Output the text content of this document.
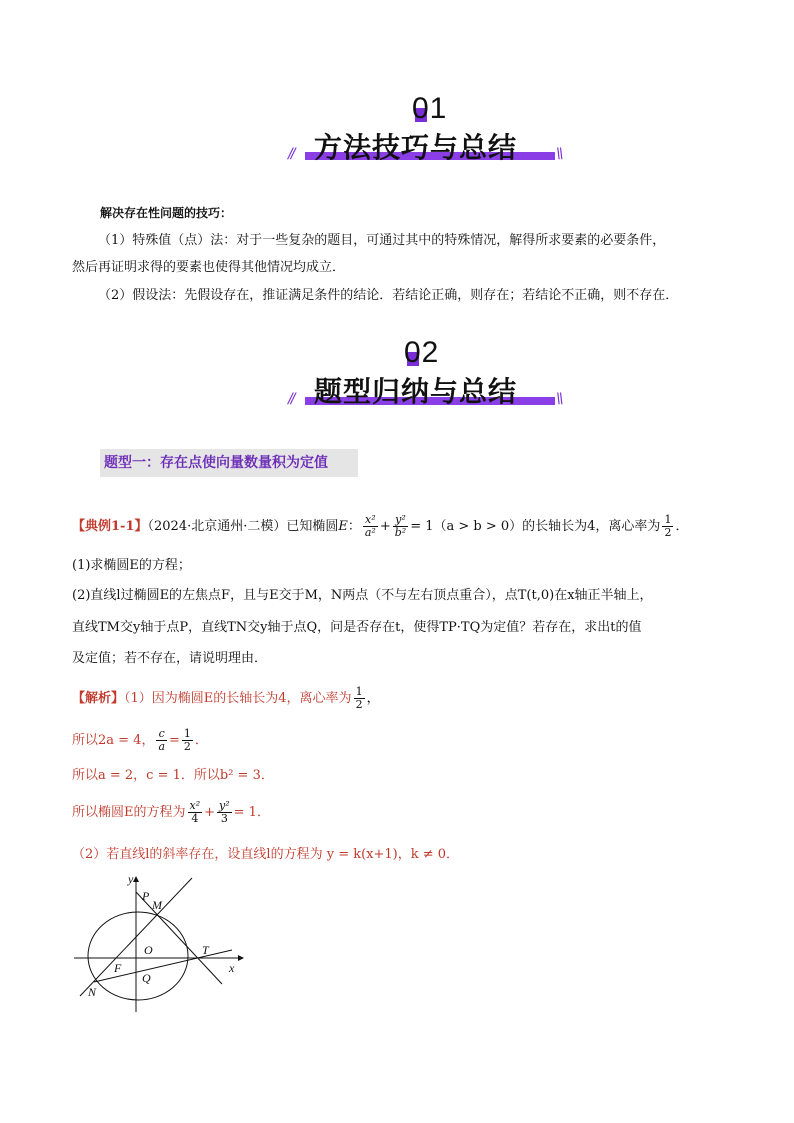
01
// 方法技巧与总结	\\
解决存在性问题的技巧：
（1）特殊值（点）法：对于一些复杂的题目，可通过其中的特殊情况，解得所求要素的必要条件，
然后再证明求得的要素也使得其他情况均成立．
（2）假设法：先假设存在，推证满足条件的结论．若结论正确，则存在；若结论不正确，则不存在．
02
// 题型归纳与总结	\\
题型一：存在点使向量数量积为定值
【典例1-1】（2024·北京通州·二模）已知椭圆E： $\frac{\text{x²}}{\text{a²}} + \frac{\text{y²}}{\text{b²}} = 1(a > b > 0)$的长轴长为4，离心率为 $\frac{1}{2}$ ．
(1)求椭圆E的方程；
(2)直线l过椭圆E的左焦点F，且与E交于M，N两点（不与左右顶点重合），点T(t,0)在x轴正半轴上，
直线TM交y轴于点P，直线TN交y轴于点Q，问是否存在t，使得TP·TQ为定值？若存在，求出t的值
及定值；若不存在，请说明理由．
【解析】（1）因为椭圆E的长轴长为4，离心率为 $\frac{1}{2}$ ，
所以2a = 4， $\frac{c}{a} = \frac{1}{2}$ ．
所以a = 2，c = 1．所以b² = 3．
所以椭圆E的方程为 $\frac{\text{x²}}{4} + \frac{\text{y²}}{3} = 1$．
（2）若直线l的斜率存在，设直线l的方程为 y = k(x+1)，k ≠ 0．
y
P
M
O	T
F	x
Q
N
